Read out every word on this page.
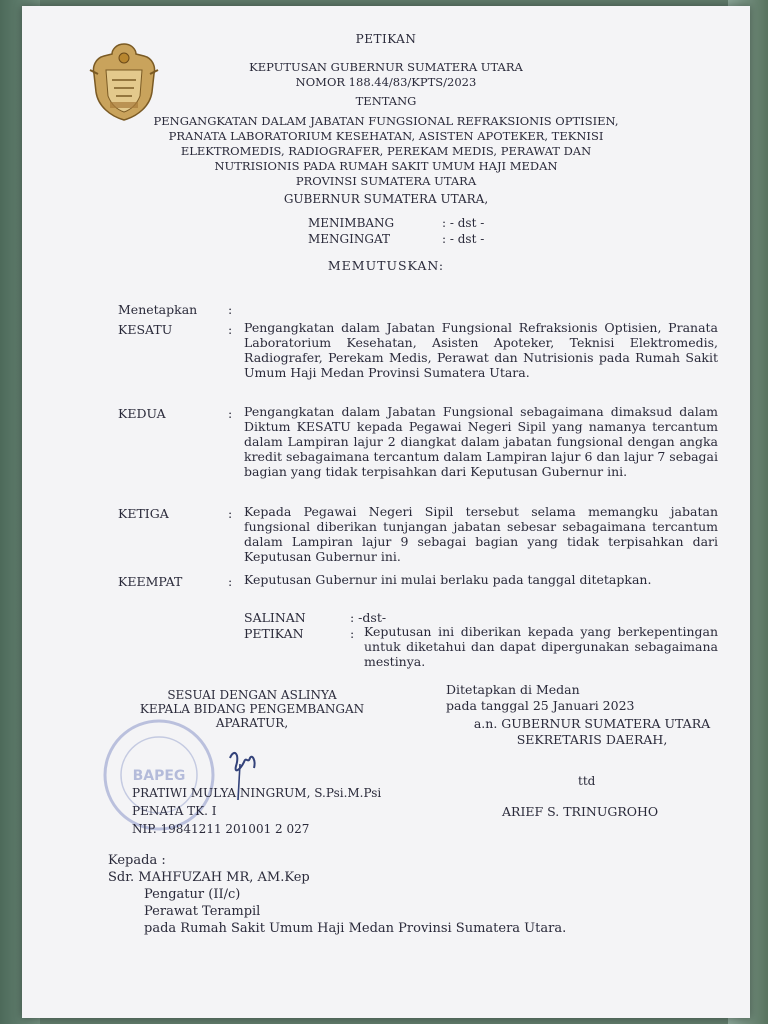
PETIKAN
KEPUTUSAN GUBERNUR SUMATERA UTARA
NOMOR 188.44/83/KPTS/2023
TENTANG
PENGANGKATAN DALAM JABATAN FUNGSIONAL REFRAKSIONIS OPTISIEN,
PRANATA LABORATORIUM KESEHATAN, ASISTEN APOTEKER, TEKNISI
ELEKTROMEDIS, RADIOGRAFER, PEREKAM MEDIS, PERAWAT DAN
NUTRISIONIS PADA RUMAH SAKIT UMUM HAJI MEDAN
PROVINSI SUMATERA UTARA
GUBERNUR SUMATERA UTARA,
MENIMBANG	: - dst -
MENGINGAT	: - dst -
MEMUTUSKAN:
Menetapkan :
KESATU	: Pengangkatan dalam Jabatan Fungsional Refraksionis Optisien, Pranata Laboratorium Kesehatan, Asisten Apoteker, Teknisi Elektromedis, Radiografer, Perekam Medis, Perawat dan Nutrisionis pada Rumah Sakit Umum Haji Medan Provinsi Sumatera Utara.
KEDUA	: Pengangkatan dalam Jabatan Fungsional sebagaimana dimaksud dalam Diktum KESATU kepada Pegawai Negeri Sipil yang namanya tercantum dalam Lampiran lajur 2 diangkat dalam jabatan fungsional dengan angka kredit sebagaimana tercantum dalam Lampiran lajur 6 dan lajur 7 sebagai bagian yang tidak terpisahkan dari Keputusan Gubernur ini.
KETIGA	: Kepada Pegawai Negeri Sipil tersebut selama memangku jabatan fungsional diberikan tunjangan jabatan sebesar sebagaimana tercantum dalam Lampiran lajur 9 sebagai bagian yang tidak terpisahkan dari Keputusan Gubernur ini.
KEEMPAT	: Keputusan Gubernur ini mulai berlaku pada tanggal ditetapkan.
SALINAN	: -dst-
PETIKAN	: Keputusan ini diberikan kepada yang berkepentingan untuk diketahui dan dapat dipergunakan sebagaimana mestinya.
SESUAI DENGAN ASLINYA
KEPALA BIDANG PENGEMBANGAN
APARATUR,
BAPEG
PRATIWI MULYA NINGRUM, S.Psi.M.Psi
PENATA TK. I
NIP. 19841211 201001 2 027
Ditetapkan di Medan
pada tanggal 25 Januari 2023
a.n. GUBERNUR SUMATERA UTARA
SEKRETARIS DAERAH,
ttd
ARIEF S. TRINUGROHO
Kepada :
Sdr. MAHFUZAH MR, AM.Kep
Pengatur (II/c)
Perawat Terampil
pada Rumah Sakit Umum Haji Medan Provinsi Sumatera Utara.
